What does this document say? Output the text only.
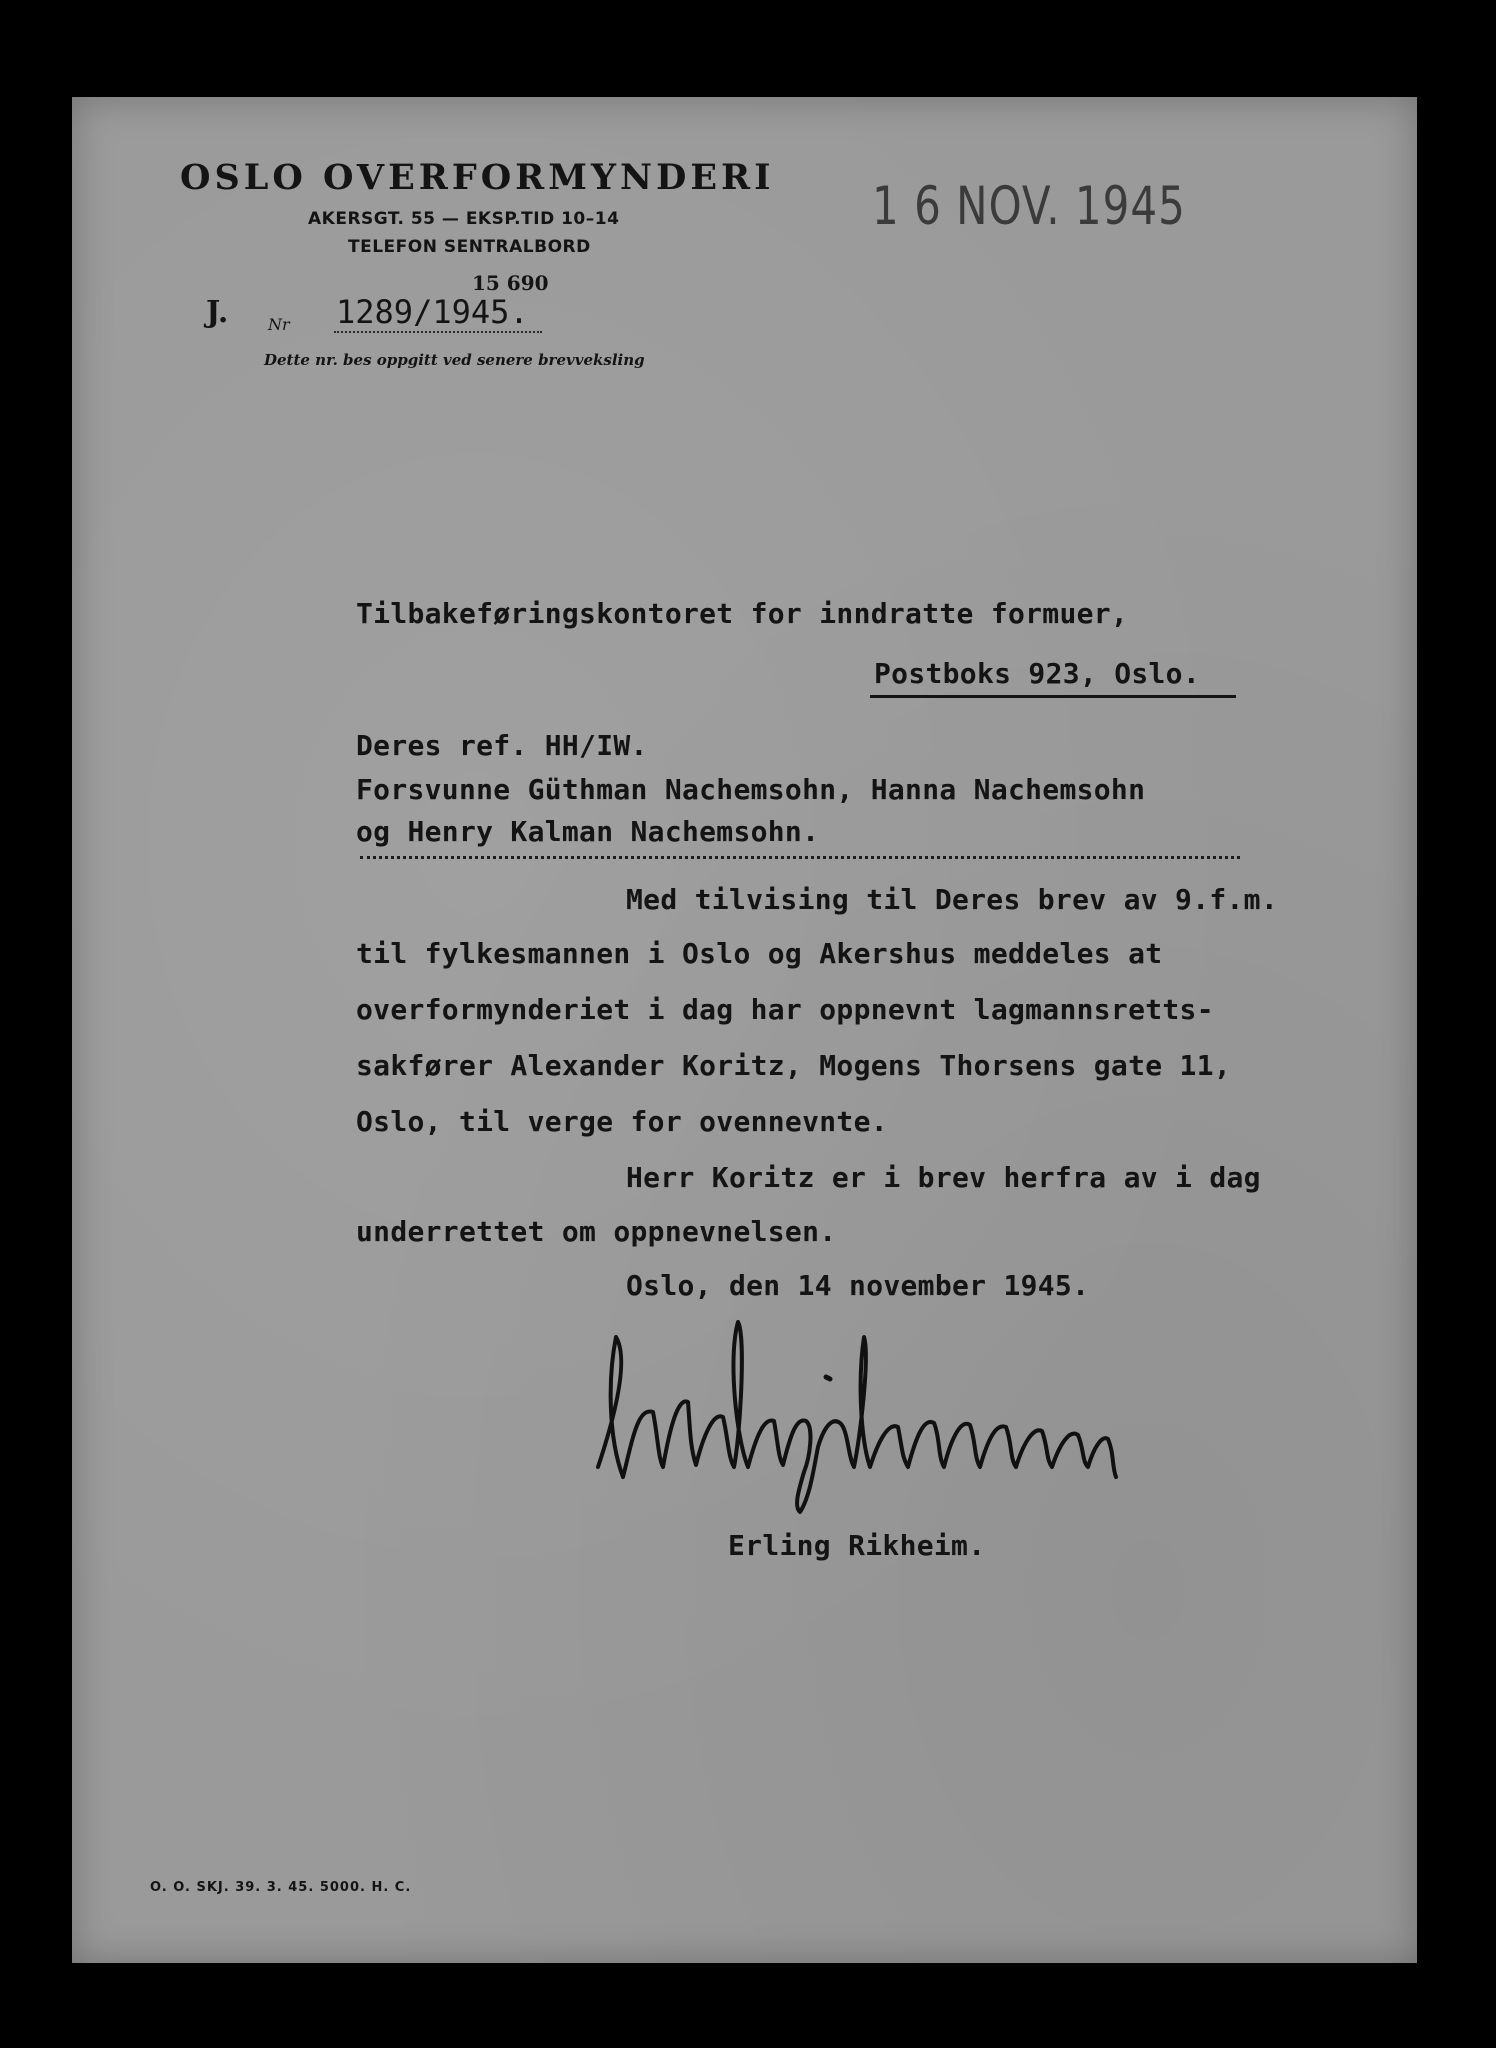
OSLO OVERFORMYNDERI
AKERSGT. 55 — EKSP.TID 10–14
TELEFON SENTRALBORD
15 690
J. Nr 1289/1945.
Dette nr. bes oppgitt ved senere brevveksling
1 6 NOV. 1945
Tilbakeføringskontoret for inndratte formuer,
Postboks 923, Oslo.
Deres ref. HH/IW.
Forsvunne Güthman Nachemsohn, Hanna Nachemsohn
og Henry Kalman Nachemsohn.
Med tilvising til Deres brev av 9.f.m.
til fylkesmannen i Oslo og Akershus meddeles at
overformynderiet i dag har oppnevnt lagmannsretts-
sakfører Alexander Koritz, Mogens Thorsens gate 11,
Oslo, til verge for ovennevnte.
Herr Koritz er i brev herfra av i dag
underrettet om oppnevnelsen.
Oslo, den 14 november 1945.
Erling Rikheim.
O. O. SKJ. 39. 3. 45. 5000. H. C.
